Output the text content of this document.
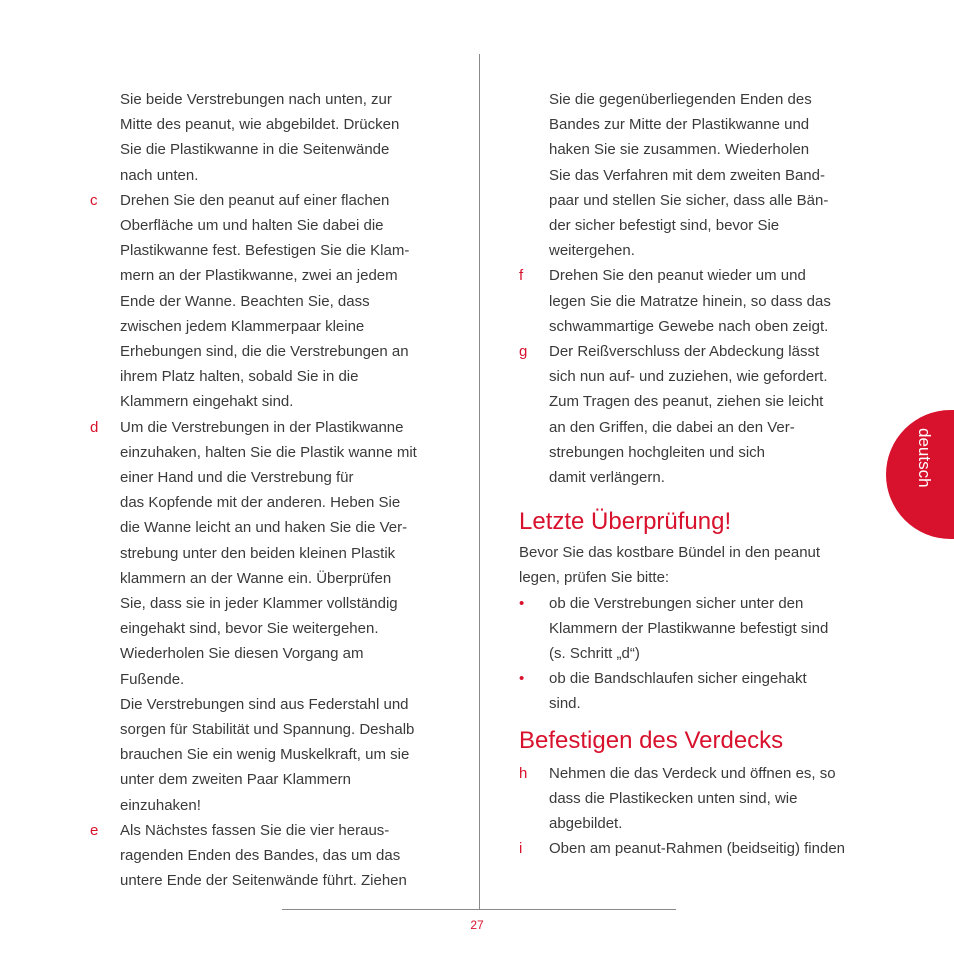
Sie beide Verstrebungen nach unten, zur
Mitte des peanut, wie abgebildet. Drücken
Sie die Plastikwanne in die Seitenwände
nach unten.
c Drehen Sie den peanut auf einer flachen
Oberfläche um und halten Sie dabei die
Plastikwanne fest. Befestigen Sie die Klam-
mern an der Plastikwanne, zwei an jedem
Ende der Wanne. Beachten Sie, dass
zwischen jedem Klammerpaar kleine
Erhebungen sind, die die Verstrebungen an
ihrem Platz halten, sobald Sie in die
Klammern eingehakt sind.
d Um die Verstrebungen in der Plastikwanne
einzuhaken, halten Sie die Plastik wanne mit
einer Hand und die Verstrebung für
das Kopfende mit der anderen. Heben Sie
die Wanne leicht an und haken Sie die Ver-
strebung unter den beiden kleinen Plastik
klammern an der Wanne ein. Überprüfen
Sie, dass sie in jeder Klammer vollständig
eingehakt sind, bevor Sie weitergehen.
Wiederholen Sie diesen Vorgang am
Fußende.
Die Verstrebungen sind aus Federstahl und
sorgen für Stabilität und Spannung. Deshalb
brauchen Sie ein wenig Muskelkraft, um sie
unter dem zweiten Paar Klammern
einzuhaken!
e Als Nächstes fassen Sie die vier heraus-
ragenden Enden des Bandes, das um das
untere Ende der Seitenwände führt. Ziehen
Sie die gegenüberliegenden Enden des
Bandes zur Mitte der Plastikwanne und
haken Sie sie zusammen. Wiederholen
Sie das Verfahren mit dem zweiten Band-
paar und stellen Sie sicher, dass alle Bän-
der sicher befestigt sind, bevor Sie
weitergehen.
f Drehen Sie den peanut wieder um und
legen Sie die Matratze hinein, so dass das
schwammartige Gewebe nach oben zeigt.
g Der Reißverschluss der Abdeckung lässt
sich nun auf- und zuziehen, wie gefordert.
Zum Tragen des peanut, ziehen sie leicht
an den Griffen, die dabei an den Ver-
strebungen hochgleiten und sich
damit verlängern.
Letzte Überprüfung!
Bevor Sie das kostbare Bündel in den peanut
legen, prüfen Sie bitte:
• ob die Verstrebungen sicher unter den
Klammern der Plastikwanne befestigt sind
(s. Schritt „d“)
• ob die Bandschlaufen sicher eingehakt
sind.
Befestigen des Verdecks
h Nehmen die das Verdeck und öffnen es, so
dass die Plastikecken unten sind, wie
abgebildet.
i Oben am peanut-Rahmen (beidseitig) finden
27
deutsch
